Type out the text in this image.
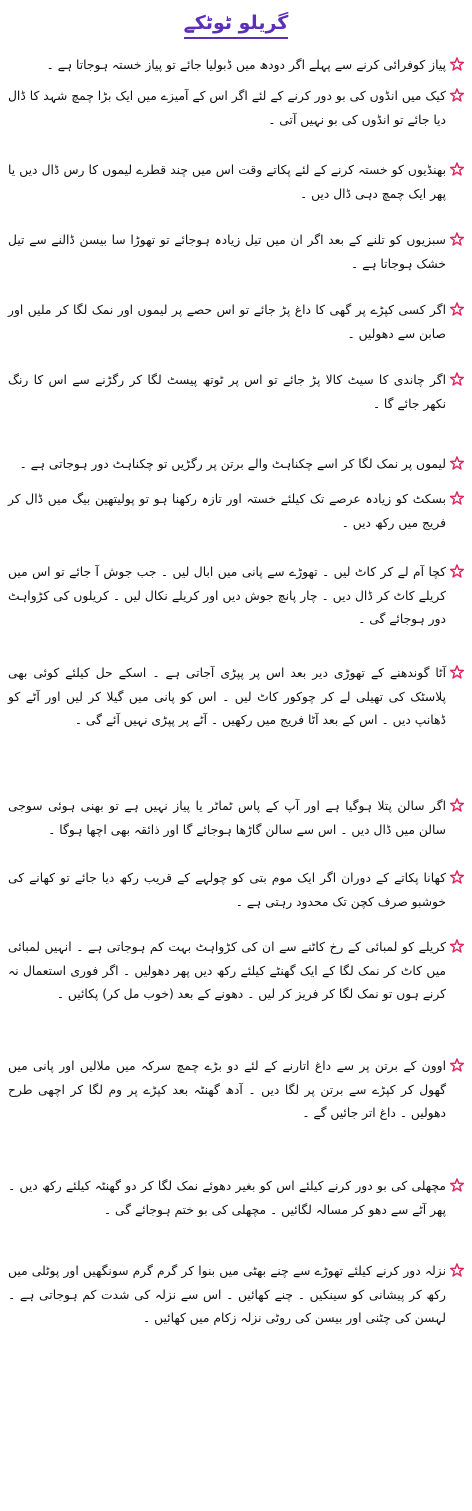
گریلو ٹوٹکے
پیاز کوفرائی کرنے سے پہلے اگر دودھ میں ڈبولیا جائے تو پیاز خستہ ہوجاتا ہے ۔
کیک میں انڈوں کی بو دور کرنے کے لئے اگر اس کے آمیزے میں ایک بڑا چمچ شہد کا ڈال دیا جائے تو انڈوں کی بو نہیں آتی ۔
بھنڈیوں کو خستہ کرنے کے لئے پکاتے وقت اس میں چند قطرے لیموں کا رس ڈال دیں یا پھر ایک چمچ دہی ڈال دیں ۔
سبزیوں کو تلنے کے بعد اگر ان میں تیل زیادہ ہوجائے تو تھوڑا سا بیسن ڈالنے سے تیل خشک ہوجاتا ہے ۔
اگر کسی کپڑے پر گھی کا داغ پڑ جائے تو اس حصے پر لیموں اور نمک لگا کر ملیں اور صابن سے دھولیں ۔
اگر چاندی کا سیٹ کالا پڑ جائے تو اس پر ٹوتھ پیسٹ لگا کر رگڑنے سے اس کا رنگ نکھر جائے گا ۔
لیموں پر نمک لگا کر اسے چکناہٹ والے برتن پر رگڑیں تو چکناہٹ دور ہوجاتی ہے ۔
بسکٹ کو زیادہ عرصے تک کیلئے خستہ اور تازہ رکھنا ہو تو پولیتھین بیگ میں ڈال کر فریج میں رکھ دیں ۔
کچا آم لے کر کاٹ لیں ۔ تھوڑے سے پانی میں ابال لیں ۔ جب جوش آ جائے تو اس میں کریلے کاٹ کر ڈال دیں ۔ چار پانچ جوش دیں اور کریلے نکال لیں ۔ کریلوں کی کڑواہٹ دور ہوجائے گی ۔
آٹا گوندھنے کے تھوڑی دیر بعد اس پر پپڑی آجاتی ہے ۔ اسکے حل کیلئے کوئی بھی پلاسٹک کی تھیلی لے کر چوکور کاٹ لیں ۔ اس کو پانی میں گیلا کر لیں اور آٹے کو ڈھانپ دیں ۔ اس کے بعد آٹا فریج میں رکھیں ۔ آٹے پر پپڑی نہیں آئے گی ۔
اگر سالن پتلا ہوگیا ہے اور آپ کے پاس ٹماٹر یا پیاز نہیں ہے تو بھنی ہوئی سوجی سالن میں ڈال دیں ۔ اس سے سالن گاڑھا ہوجائے گا اور ذائقہ بھی اچھا ہوگا ۔
کھانا پکاتے کے دوران اگر ایک موم بتی کو چولہے کے قریب رکھ دیا جائے تو کھانے کی خوشبو صرف کچن تک محدود رہتی ہے ۔
کریلے کو لمبائی کے رخ کاٹنے سے ان کی کڑواہٹ بہت کم ہوجاتی ہے ۔ انہیں لمبائی میں کاٹ کر نمک لگا کے ایک گھنٹے کیلئے رکھ دیں پھر دھولیں ۔ اگر فوری استعمال نہ کرنے ہوں تو نمک لگا کر فریز کر لیں ۔ دھونے کے بعد (خوب مل کر) پکائیں ۔
اوون کے برتن پر سے داغ اتارنے کے لئے دو بڑے چمچ سرکہ میں ملالیں اور پانی میں گھول کر کپڑے سے برتن پر لگا دیں ۔ آدھ گھنٹہ بعد کپڑے پر وم لگا کر اچھی طرح دھولیں ۔ داغ اتر جائیں گے ۔
مچھلی کی بو دور کرنے کیلئے اس کو بغیر دھوئے نمک لگا کر دو گھنٹہ کیلئے رکھ دیں ۔ پھر آٹے سے دھو کر مسالہ لگائیں ۔ مچھلی کی بو ختم ہوجائے گی ۔
نزلہ دور کرنے کیلئے تھوڑے سے چنے بھٹی میں بنوا کر گرم گرم سونگھیں اور پوٹلی میں رکھ کر پیشانی کو سینکیں ۔ چنے کھائیں ۔ اس سے نزلہ کی شدت کم ہوجاتی ہے ۔ لہسن کی چٹنی اور بیسن کی روٹی نزلہ زکام میں کھائیں ۔
